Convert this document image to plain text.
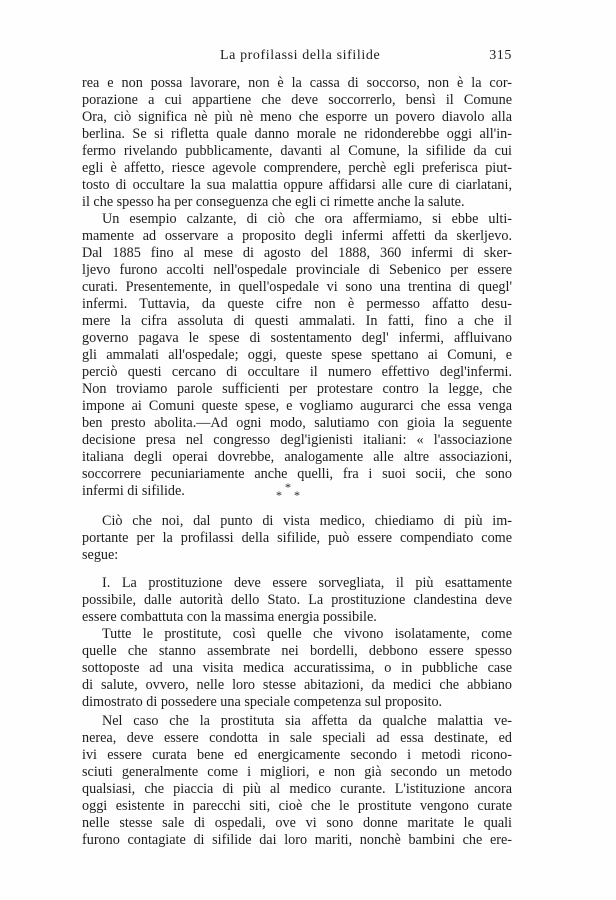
La profilassi della sifilide	315
rea e non possa lavorare, non è la cassa di soccorso, non è la cor-
porazione a cui appartiene che deve soccorrerlo, bensì il Comune
Ora, ciò significa nè più nè meno che esporre un povero diavolo alla
berlina. Se si rifletta quale danno morale ne ridonderebbe oggi all'in-
fermo rivelando pubblicamente, davanti al Comune, la sifilide da cui
egli è affetto, riesce agevole comprendere, perchè egli preferisca piut-
tosto di occultare la sua malattia oppure affidarsi alle cure di ciarlatani,
il che spesso ha per conseguenza che egli ci rimette anche la salute.
Un esempio calzante, di ciò che ora affermiamo, si ebbe ulti-
mamente ad osservare a proposito degli infermi affetti da skerljevo.
Dal 1885 fino al mese di agosto del 1888, 360 infermi di sker-
ljevo furono accolti nell'ospedale provinciale di Sebenico per essere
curati. Presentemente, in quell'ospedale vi sono una trentina di quegl'
infermi. Tuttavia, da queste cifre non è permesso affatto desu-
mere la cifra assoluta di questi ammalati. In fatti, fino a che il
governo pagava le spese di sostentamento degl' infermi, affluivano
gli ammalati all'ospedale; oggi, queste spese spettano ai Comuni, e
perciò questi cercano di occultare il numero effettivo degl'infermi.
Non troviamo parole sufficienti per protestare contro la legge, che
impone ai Comuni queste spese, e vogliamo augurarci che essa venga
ben presto abolita.—Ad ogni modo, salutiamo con gioia la seguente
decisione presa nel congresso degl'igienisti italiani: « l'associazione
italiana degli operai dovrebbe, analogamente alle altre associazioni,
soccorrere pecuniariamente anche quelli, fra i suoi socii, che sono
infermi di sifilide.	*
* *
Ciò che noi, dal punto di vista medico, chiediamo di più im-
portante per la profilassi della sifilide, può essere compendiato come
segue:
I. La prostituzione deve essere sorvegliata, il più esattamente
possibile, dalle autorità dello Stato. La prostituzione clandestina deve
essere combattuta con la massima energia possibile.
Tutte le prostitute, così quelle che vivono isolatamente, come
quelle che stanno assembrate nei bordelli, debbono essere spesso
sottoposte ad una visita medica accuratissima, o in pubbliche case
di salute, ovvero, nelle loro stesse abitazioni, da medici che abbiano
dimostrato di possedere una speciale competenza sul proposito.
Nel caso che la prostituta sia affetta da qualche malattia ve-
nerea, deve essere condotta in sale speciali ad essa destinate, ed
ivi essere curata bene ed energicamente secondo i metodi ricono-
sciuti generalmente come i migliori, e non già secondo un metodo
qualsiasi, che piaccia di più al medico curante. L'istituzione ancora
oggi esistente in parecchi siti, cioè che le prostitute vengono curate
nelle stesse sale di ospedali, ove vi sono donne maritate le quali
furono contagiate di sifilide dai loro mariti, nonchè bambini che ere-
